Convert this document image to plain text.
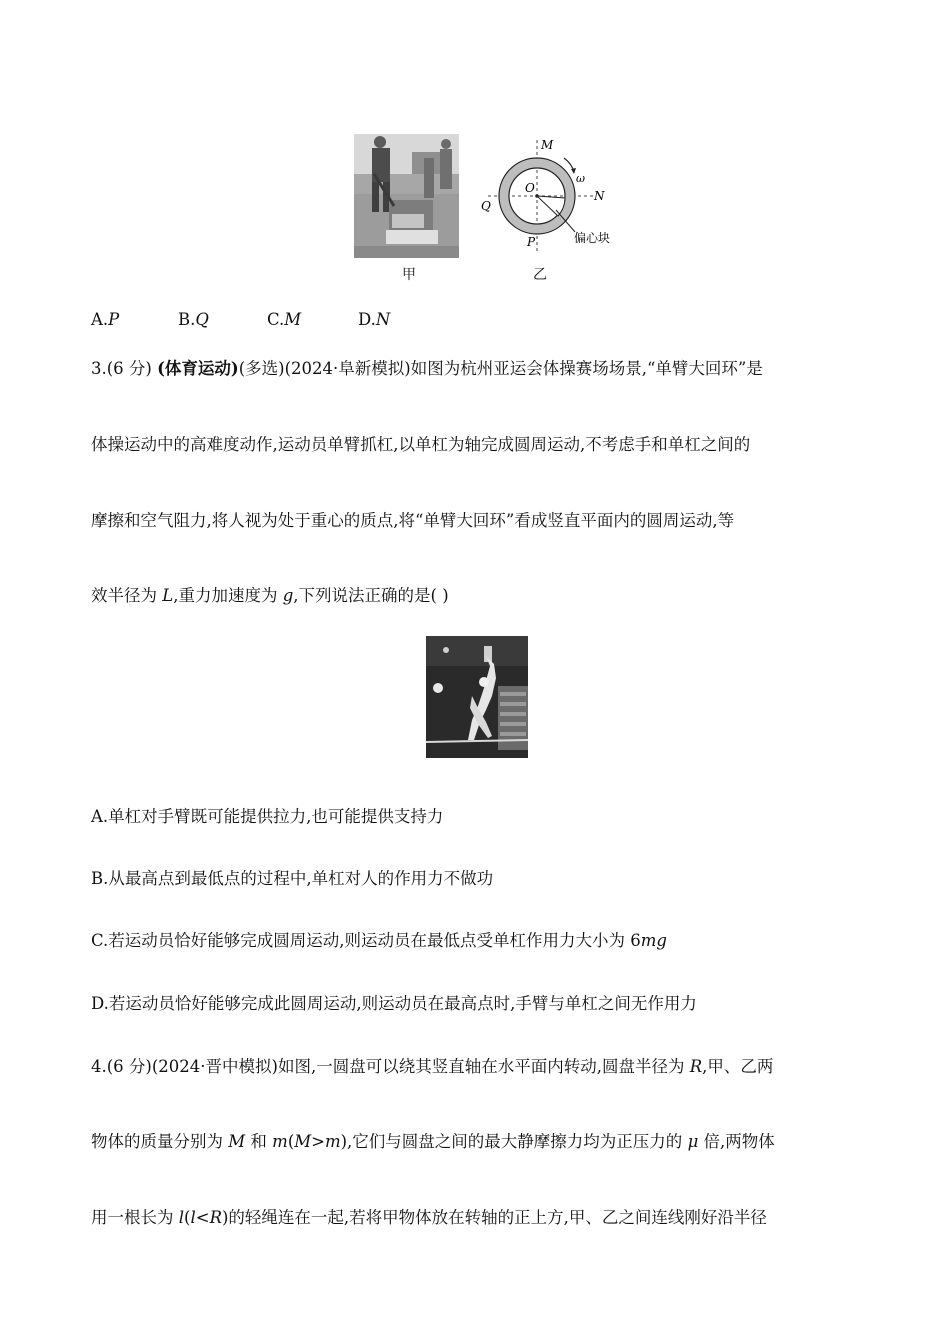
甲
M
N
O
Q
P
ω
偏心块
乙
A.P	B.Q	C.M	D.N
3.(6 分) (体育运动)(多选)(2024·阜新模拟)如图为杭州亚运会体操赛场场景,“单臂大回环”是
体操运动中的高难度动作,运动员单臂抓杠,以单杠为轴完成圆周运动,不考虑手和单杠之间的
摩擦和空气阻力,将人视为处于重心的质点,将“单臂大回环”看成竖直平面内的圆周运动,等
效半径为 L,重力加速度为 g,下列说法正确的是( )
A.单杠对手臂既可能提供拉力,也可能提供支持力
B.从最高点到最低点的过程中,单杠对人的作用力不做功
C.若运动员恰好能够完成圆周运动,则运动员在最低点受单杠作用力大小为 6mg
D.若运动员恰好能够完成此圆周运动,则运动员在最高点时,手臂与单杠之间无作用力
4.(6 分)(2024·晋中模拟)如图,一圆盘可以绕其竖直轴在水平面内转动,圆盘半径为 R,甲、乙两
物体的质量分别为 M 和 m(M>m),它们与圆盘之间的最大静摩擦力均为正压力的 μ 倍,两物体
用一根长为 l(l<R)的轻绳连在一起,若将甲物体放在转轴的正上方,甲、乙之间连线刚好沿半径
